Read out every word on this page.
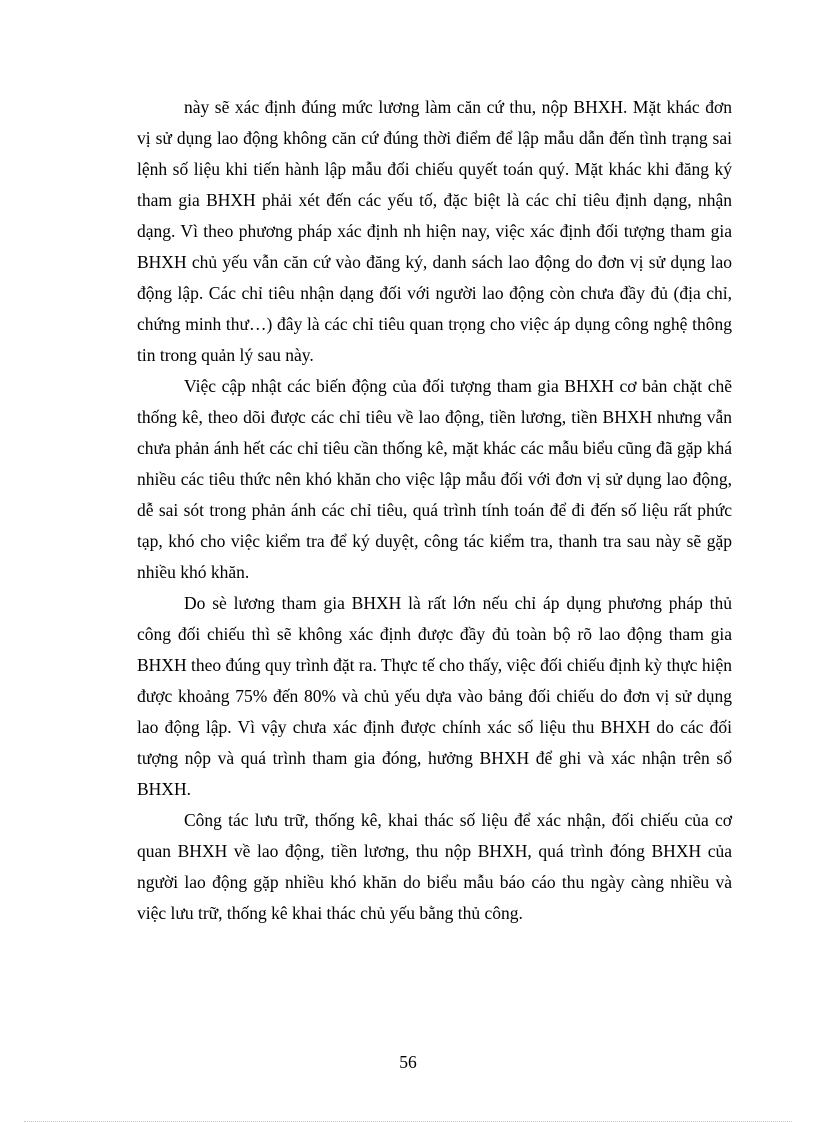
này sẽ xác định đúng mức lương làm căn cứ thu, nộp BHXH. Mặt khác đơn vị sử dụng lao động không căn cứ đúng thời điểm để lập mẫu dẫn đến tình trạng sai lệnh số liệu khi tiến hành lập mẫu đối chiếu quyết toán quý. Mặt khác khi đăng ký tham gia BHXH phải xét đến các yếu tố, đặc biệt là các chỉ tiêu định dạng, nhận dạng. Vì theo phương pháp xác định nh hiện nay, việc xác định đối tượng tham gia BHXH chủ yếu vẫn căn cứ vào đăng ký, danh sách lao động do đơn vị sử dụng lao động lập. Các chỉ tiêu nhận dạng đối với người lao động còn chưa đầy đủ (địa chỉ, chứng minh thư…) đây là các chỉ tiêu quan trọng cho việc áp dụng công nghệ thông tin trong quản lý sau này.

Việc cập nhật các biến động của đối tượng tham gia BHXH cơ bản chặt chẽ thống kê, theo dõi được các chỉ tiêu về lao động, tiền lương, tiền BHXH nhưng vẫn chưa phản ánh hết các chỉ tiêu cần thống kê, mặt khác các mẫu biểu cũng đã gặp khá nhiều các tiêu thức nên khó khăn cho việc lập mẫu đối với đơn vị sử dụng lao động, dễ sai sót trong phản ánh các chỉ tiêu, quá trình tính toán để đi đến số liệu rất phức tạp, khó cho việc kiểm tra để ký duyệt, công tác kiểm tra, thanh tra sau này sẽ gặp nhiều khó khăn.

Do sè lương tham gia BHXH là rất lớn nếu chỉ áp dụng phương pháp thủ công đối chiếu thì sẽ không xác định được đầy đủ toàn bộ rõ lao động tham gia BHXH theo đúng quy trình đặt ra. Thực tế cho thấy, việc đối chiếu định kỳ thực hiện được khoảng 75% đến 80% và chủ yếu dựa vào bảng đối chiếu do đơn vị sử dụng lao động lập. Vì vậy chưa xác định được chính xác số liệu thu BHXH do các đối tượng nộp và quá trình tham gia đóng, hưởng BHXH để ghi và xác nhận trên sổ BHXH.

Công tác lưu trữ, thống kê, khai thác số liệu để xác nhận, đối chiếu của cơ quan BHXH về lao động, tiền lương, thu nộp BHXH, quá trình đóng BHXH của người lao động gặp nhiều khó khăn do biểu mẫu báo cáo thu ngày càng nhiều và việc lưu trữ, thống kê khai thác chủ yếu bằng thủ công.

56
